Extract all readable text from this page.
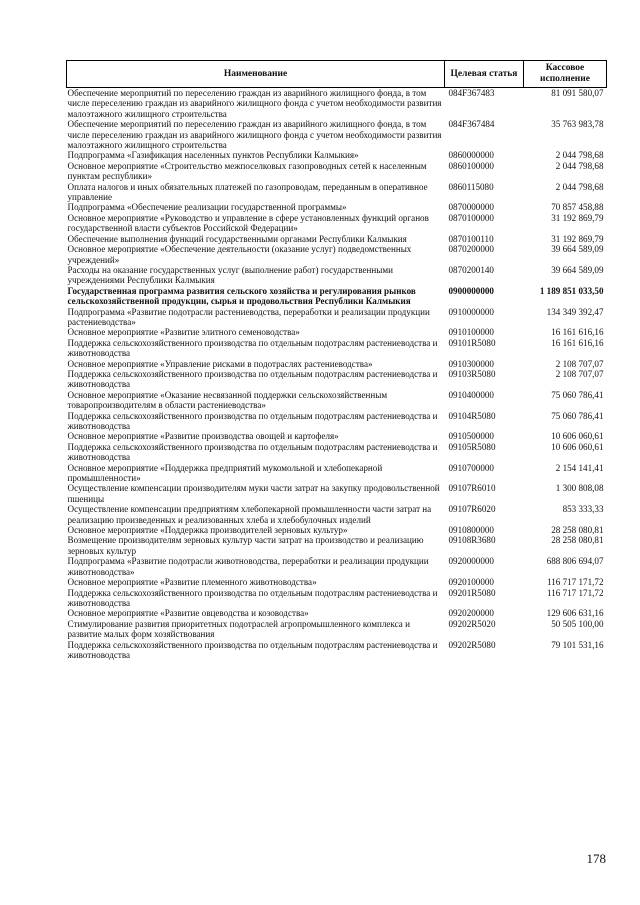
Наименование	Целевая статья	Кассовое исполнение
Обеспечение мероприятий по переселению граждан из аварийного жилищного фонда, в том числе переселению граждан из аварийного жилищного фонда с учетом необходимости развития малоэтажного жилищного строительства	084F367483	81 091 580,07
Обеспечение мероприятий по переселению граждан из аварийного жилищного фонда, в том числе переселению граждан из аварийного жилищного фонда с учетом необходимости развития малоэтажного жилищного строительства	084F367484	35 763 983,78
Подпрограмма «Газификация населенных пунктов Республики Калмыкия»	0860000000	2 044 798,68
Основное мероприятие «Строительство межпоселковых газопроводных сетей к населенным пунктам республики»	0860100000	2 044 798,68
Оплата налогов и иных обязательных платежей по газопроводам, переданным в оперативное управление	0860115080	2 044 798,68
Подпрограмма «Обеспечение реализации государственной программы»	0870000000	70 857 458,88
Основное мероприятие «Руководство и управление в сфере установленных функций органов государственной власти субъектов Российской Федерации»	0870100000	31 192 869,79
Обеспечение выполнения функций государственными органами Республики Калмыкия	0870100110	31 192 869,79
Основное мероприятие «Обеспечение деятельности (оказание услуг) подведомственных учреждений»	0870200000	39 664 589,09
Расходы на оказание государственных услуг (выполнение работ) государственными учреждениями Республики Калмыкия	0870200140	39 664 589,09
Государственная программа развития сельского хозяйства и регулирования рынков сельскохозяйственной продукции, сырья и продовольствия Республики Калмыкия	0900000000	1 189 851 033,50
Подпрограмма «Развитие подотрасли растениеводства, переработки и реализации продукции растениеводства»	0910000000	134 349 392,47
Основное мероприятие «Развитие элитного семеноводства»	0910100000	16 161 616,16
Поддержка сельскохозяйственного производства по отдельным подотраслям растениеводства и животноводства	09101R5080	16 161 616,16
Основное мероприятие «Управление рисками в подотраслях растениеводства»	0910300000	2 108 707,07
Поддержка сельскохозяйственного производства по отдельным подотраслям растениеводства и животноводства	09103R5080	2 108 707,07
Основное мероприятие «Оказание несвязанной поддержки сельскохозяйственным товаропроизводителям в области растениеводства»	0910400000	75 060 786,41
Поддержка сельскохозяйственного производства по отдельным подотраслям растениеводства и животноводства	09104R5080	75 060 786,41
Основное мероприятие «Развитие производства овощей и картофеля»	0910500000	10 606 060,61
Поддержка сельскохозяйственного производства по отдельным подотраслям растениеводства и животноводства	09105R5080	10 606 060,61
Основное мероприятие «Поддержка предприятий мукомольной и хлебопекарной промышленности»	0910700000	2 154 141,41
Осуществление компенсации производителям муки части затрат на закупку продовольственной пшеницы	09107R6010	1 300 808,08
Осуществление компенсации предприятиям хлебопекарной промышленности части затрат на реализацию произведенных и реализованных хлеба и хлебобулочных изделий	09107R6020	853 333,33
Основное мероприятие «Поддержка производителей зерновых культур»	0910800000	28 258 080,81
Возмещение производителям зерновых культур части затрат на производство и реализацию зерновых культур	09108R3680	28 258 080,81
Подпрограмма «Развитие подотрасли животноводства, переработки и реализации продукции животноводства»	0920000000	688 806 694,07
Основное мероприятие «Развитие племенного животноводства»	0920100000	116 717 171,72
Поддержка сельскохозяйственного производства по отдельным подотраслям растениеводства и животноводства	09201R5080	116 717 171,72
Основное мероприятие «Развитие овцеводства и козоводства»	0920200000	129 606 631,16
Стимулирование развития приоритетных подотраслей агропромышленного комплекса и развитие малых форм хозяйствования	09202R5020	50 505 100,00
Поддержка сельскохозяйственного производства по отдельным подотраслям растениеводства и животноводства	09202R5080	79 101 531,16
178
